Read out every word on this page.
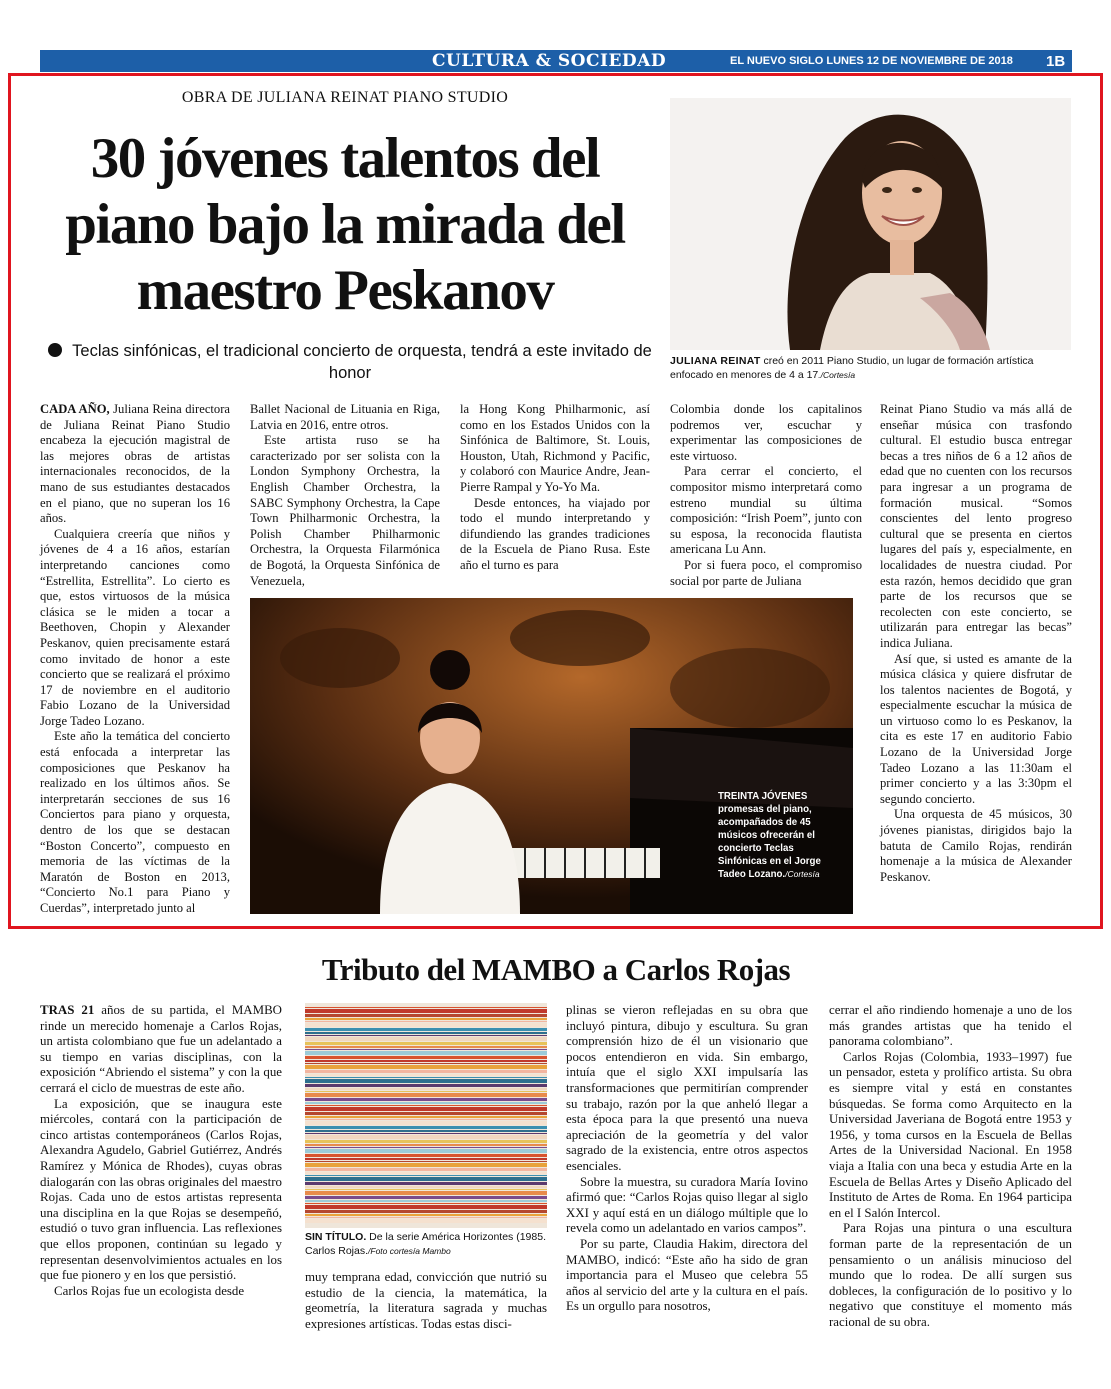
CULTURA & SOCIEDAD	EL NUEVO SIGLO LUNES 12 DE NOVIEMBRE DE 2018 1B
OBRA DE JULIANA REINAT PIANO STUDIO
30 jóvenes talentos del piano bajo la mirada del maestro Peskanov
Teclas sinfónicas, el tradicional concierto de orquesta, tendrá a este invitado de honor
JULIANA REINAT creó en 2011 Piano Studio, un lugar de formación artística enfocado en menores de 4 a 17./Cortesía

CADA AÑO, Juliana Reina directora de Juliana Reinat Piano Studio encabeza la ejecución magistral de las mejores obras de artistas internacionales reconocidos, de la mano de sus estudiantes destacados en el piano, que no superan los 16 años.

Cualquiera creería que niños y jóvenes de 4 a 16 años, estarían interpretando canciones como “Estrellita, Estrellita”. Lo cierto es que, estos virtuosos de la música clásica se le miden a tocar a Beethoven, Chopin y Alexander Peskanov, quien precisamente estará como invitado de honor a este concierto que se realizará el próximo 17 de noviembre en el auditorio Fabio Lozano de la Universidad Jorge Tadeo Lozano.

Este año la temática del concierto está enfocada a interpretar las composiciones que Peskanov ha realizado en los últimos años. Se interpretarán secciones de sus 16 Conciertos para piano y orquesta, dentro de los que se destacan “Boston Concerto”, compuesto en memoria de las víctimas de la Maratón de Boston en 2013, “Concierto No.1 para Piano y Cuerdas”, interpretado junto al

Ballet Nacional de Lituania en Riga, Latvia en 2016, entre otros.

Este artista ruso se ha caracterizado por ser solista con la London Symphony Orchestra, la English Chamber Orchestra, la SABC Symphony Orchestra, la Cape Town Philharmonic Orchestra, la Polish Chamber Philharmonic Orchestra, la Orquesta Filarmónica de Bogotá, la Orquesta Sinfónica de Venezuela,

la Hong Kong Philharmonic, así como en los Estados Unidos con la Sinfónica de Baltimore, St. Louis, Houston, Utah, Richmond y Pacific, y colaboró con Maurice Andre, Jean-Pierre Rampal y Yo-Yo Ma.

Desde entonces, ha viajado por todo el mundo interpretando y difundiendo las grandes tradiciones de la Escuela de Piano Rusa. Este año el turno es para

Colombia donde los capitalinos podremos ver, escuchar y experimentar las composiciones de este virtuoso.

Para cerrar el concierto, el compositor mismo interpretará como estreno mundial su última composición: “Irish Poem”, junto con su esposa, la reconocida flautista americana Lu Ann.

Por si fuera poco, el compromiso social por parte de Juliana

Reinat Piano Studio va más allá de enseñar música con trasfondo cultural. El estudio busca entregar becas a tres niños de 6 a 12 años de edad que no cuenten con los recursos para ingresar a un programa de formación musical. “Somos conscientes del lento progreso cultural que se presenta en ciertos lugares del país y, especialmente, en localidades de nuestra ciudad. Por esta razón, hemos decidido que gran parte de los recursos que se recolecten con este concierto, se utilizarán para entregar las becas” indica Juliana.

Así que, si usted es amante de la música clásica y quiere disfrutar de los talentos nacientes de Bogotá, y especialmente escuchar la música de un virtuoso como lo es Peskanov, la cita es este 17 en auditorio Fabio Lozano de la Universidad Jorge Tadeo Lozano a las 11:30am el primer concierto y a las 3:30pm el segundo concierto.

Una orquesta de 45 músicos, 30 jóvenes pianistas, dirigidos bajo la batuta de Camilo Rojas, rendirán homenaje a la música de Alexander Peskanov.

TREINTA JÓVENES promesas del piano, acompañados de 45 músicos ofrecerán el concierto Teclas Sinfónicas en el Jorge Tadeo Lozano./Cortesía
Tributo del MAMBO a Carlos Rojas

TRAS 21 años de su partida, el MAMBO rinde un merecido homenaje a Carlos Rojas, un artista colombiano que fue un adelantado a su tiempo en varias disciplinas, con la exposición “Abriendo el sistema” y con la que cerrará el ciclo de muestras de este año.

La exposición, que se inaugura este miércoles, contará con la participación de cinco artistas contemporáneos (Carlos Rojas, Alexandra Agudelo, Gabriel Gutiérrez, Andrés Ramírez y Mónica de Rhodes), cuyas obras dialogarán con las obras originales del maestro Rojas. Cada uno de estos artistas representa una disciplina en la que Rojas se desempeñó, estudió o tuvo gran influencia. Las reflexiones que ellos proponen, continúan su legado y representan desenvolvimientos actuales en los que fue pionero y en los que persistió.

Carlos Rojas fue un ecologista desde

SIN TÍTULO. De la serie América Horizontes (1985. Carlos Rojas./Foto cortesía Mambo

muy temprana edad, convicción que nutrió su estudio de la ciencia, la matemática, la geometría, la literatura sagrada y muchas expresiones artísticas. Todas estas disci-

plinas se vieron reflejadas en su obra que incluyó pintura, dibujo y escultura. Su gran comprensión hizo de él un visionario que pocos entendieron en vida. Sin embargo, intuía que el siglo XXI impulsaría las transformaciones que permitirían comprender su trabajo, razón por la que anheló llegar a esta época para la que presentó una nueva apreciación de la geometría y del valor sagrado de la existencia, entre otros aspectos esenciales.

Sobre la muestra, su curadora María Iovino afirmó que: “Carlos Rojas quiso llegar al siglo XXI y aquí está en un diálogo múltiple que lo revela como un adelantado en varios campos”.

Por su parte, Claudia Hakim, directora del MAMBO, indicó: “Este año ha sido de gran importancia para el Museo que celebra 55 años al servicio del arte y la cultura en el país. Es un orgullo para nosotros,

cerrar el año rindiendo homenaje a uno de los más grandes artistas que ha tenido el panorama colombiano”.

Carlos Rojas (Colombia, 1933–1997) fue un pensador, esteta y prolífico artista. Su obra es siempre vital y está en constantes búsquedas. Se forma como Arquitecto en la Universidad Javeriana de Bogotá entre 1953 y 1956, y toma cursos en la Escuela de Bellas Artes de la Universidad Nacional. En 1958 viaja a Italia con una beca y estudia Arte en la Escuela de Bellas Artes y Diseño Aplicado del Instituto de Artes de Roma. En 1964 participa en el I Salón Intercol.

Para Rojas una pintura o una escultura forman parte de la representación de un pensamiento o un análisis minucioso del mundo que lo rodea. De allí surgen sus dobleces, la configuración de lo positivo y lo negativo que constituye el momento más racional de su obra.
